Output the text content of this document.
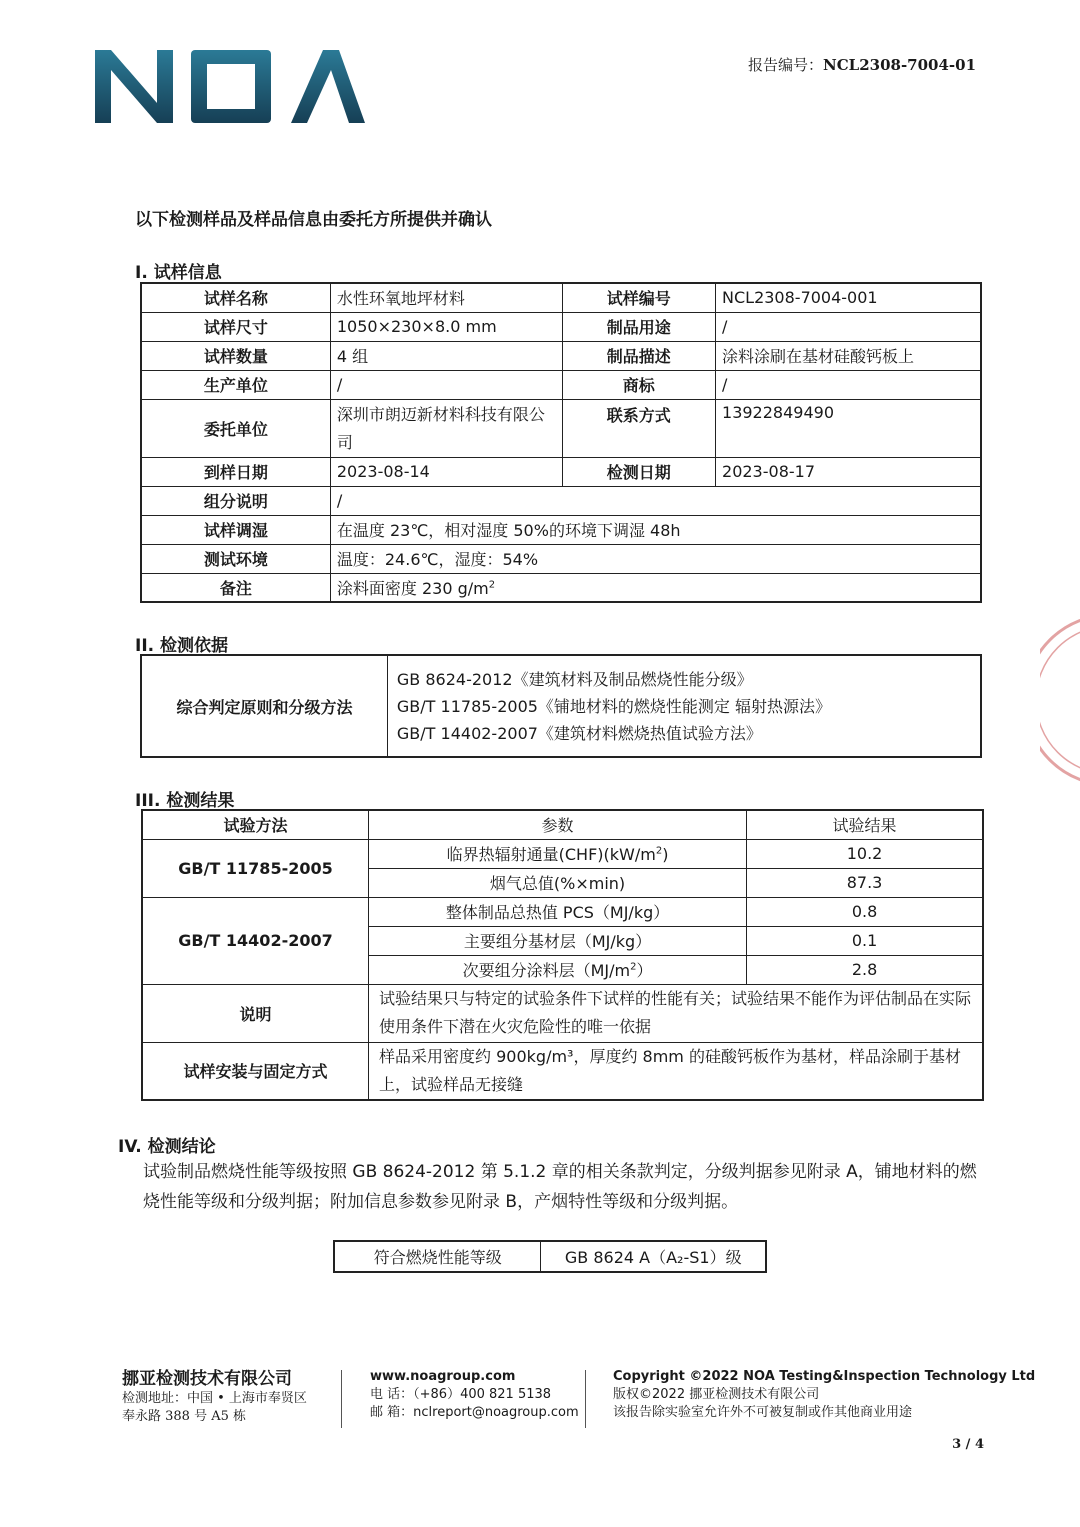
报告编号：NCL2308-7004-01
以下检测样品及样品信息由委托方所提供并确认
I. 试样信息
试样名称	水性环氧地坪材料	试样编号	NCL2308-7004-001
试样尺寸	1050×230×8.0 mm	制品用途	/
试样数量	4 组	制品描述	涂料涂刷在基材硅酸钙板上
生产单位	/	商标	/
委托单位	深圳市朗迈新材料科技有限公司	联系方式	13922849490
到样日期	2023-08-14	检测日期	2023-08-17
组分说明	/		
试样调湿	在温度 23℃，相对湿度 50%的环境下调湿 48h		
测试环境	温度：24.6℃，湿度：54%		
备注	涂料面密度 230 $g/m^2$
II. 检测依据
综合判定原则和分级方法	
GB 8624-2012《建筑材料及制品燃烧性能分级》
GB/T 11785-2005《铺地材料的燃烧性能测定 辐射热源法》
GB/T 14402-2007《建筑材料燃烧热值试验方法》
III. 检测结果
试验方法	参数	试验结果
GB/T 11785-2005	临界热辐射通量$(CHF)(kW/m^2)$	10.2
	烟气总值(%×min)	87.3
GB/T 14402-2007	整体制品总热值 PCS（MJ/kg）	0.8
	主要组分基材层（MJ/kg）	0.1
	次要组分涂料层$(MJ/m^2)$	2.8
说明	试验结果只与特定的试验条件下试样的性能有关；试验结果不能作为评估制品在实际使用条件下潜在火灾危险性的唯一依据	
试样安装与固定方式	样品采用密度约 900kg/m³，厚度约 8mm 的硅酸钙板作为基材，样品涂刷于基材上，试验样品无接缝	
IV. 检测结论
试验制品燃烧性能等级按照 GB 8624-2012 第 5.1.2 章的相关条款判定，分级判据参见附录 A，铺地材料的燃烧性能等级和分级判据；附加信息参数参见附录 B，产烟特性等级和分级判据。
符合燃烧性能等级	GB 8624 A（A₂-S1）级
挪亚检测技术有限公司
检测地址：中国 • 上海市奉贤区
奉永路 388 号 A5 栋
www.noagroup.com
电 话：（+86）400 821 5138
邮 箱：nclreport@noagroup.com
Copyright ©2022 NOA Testing&Inspection Technology Ltd
版权©2022 挪亚检测技术有限公司
该报告除实验室允许外不可被复制或作其他商业用途
3 / 4
